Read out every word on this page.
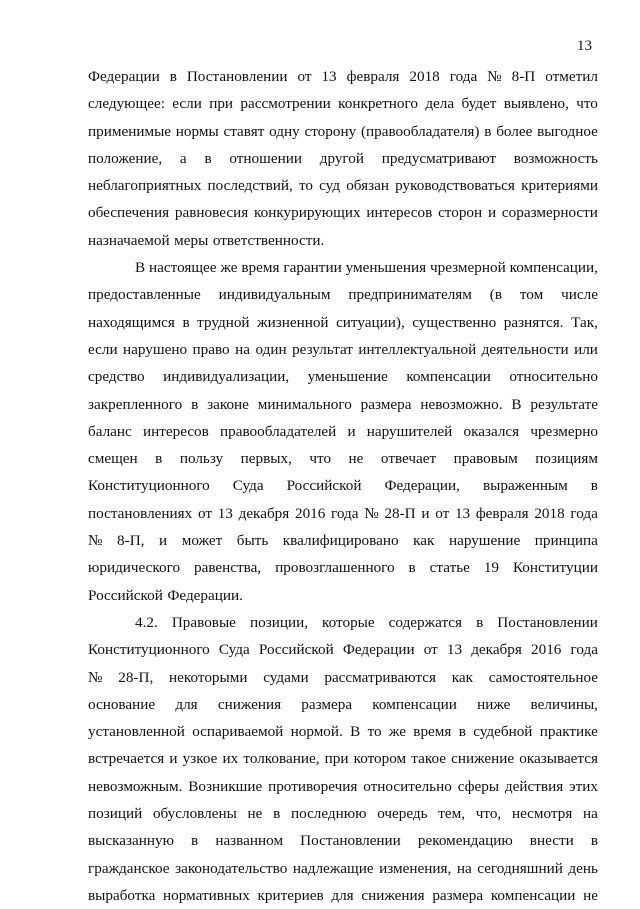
13
Федерации в Постановлении от 13 февраля 2018 года № 8-П отметил
следующее: если при рассмотрении конкретного дела будет выявлено, что
применимые нормы ставят одну сторону (правообладателя) в более выгодное
положение, а в отношении другой предусматривают возможность
неблагоприятных последствий, то суд обязан руководствоваться критериями
обеспечения равновесия конкурирующих интересов сторон и соразмерности
назначаемой меры ответственности.
В настоящее же время гарантии уменьшения чрезмерной компенсации,
предоставленные индивидуальным предпринимателям (в том числе
находящимся в трудной жизненной ситуации), существенно разнятся. Так,
если нарушено право на один результат интеллектуальной деятельности или
средство индивидуализации, уменьшение компенсации относительно
закрепленного в законе минимального размера невозможно. В результате
баланс интересов правообладателей и нарушителей оказался чрезмерно
смещен в пользу первых, что не отвечает правовым позициям
Конституционного Суда Российской Федерации, выраженным в
постановлениях от 13 декабря 2016 года № 28-П и от 13 февраля 2018 года
№ 8-П, и может быть квалифицировано как нарушение принципа
юридического равенства, провозглашенного в статье 19 Конституции
Российской Федерации.
4.2. Правовые позиции, которые содержатся в Постановлении
Конституционного Суда Российской Федерации от 13 декабря 2016 года
№ 28-П, некоторыми судами рассматриваются как самостоятельное
основание для снижения размера компенсации ниже величины,
установленной оспариваемой нормой. В то же время в судебной практике
встречается и узкое их толкование, при котором такое снижение оказывается
невозможным. Возникшие противоречия относительно сферы действия этих
позиций обусловлены не в последнюю очередь тем, что, несмотря на
высказанную в названном Постановлении рекомендацию внести в
гражданское законодательство надлежащие изменения, на сегодняшний день
выработка нормативных критериев для снижения размера компенсации не
